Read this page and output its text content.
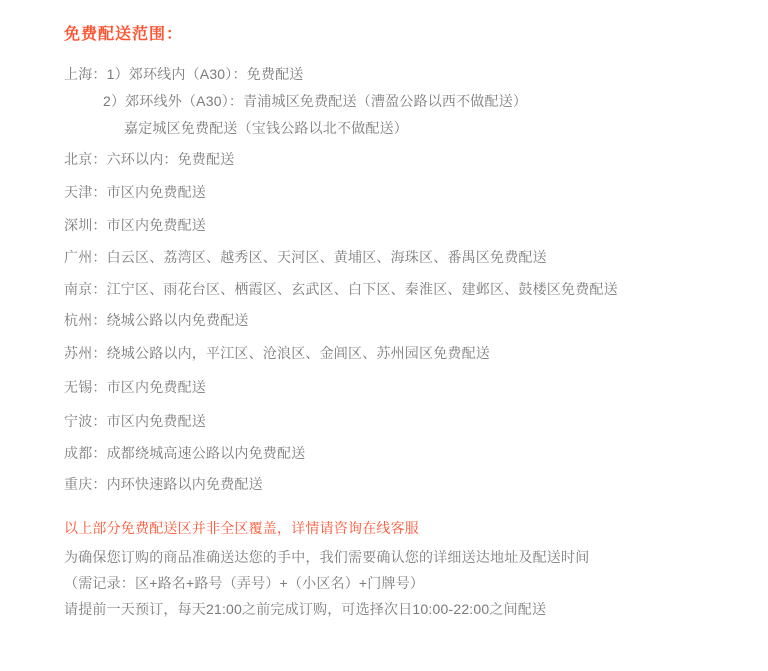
免费配送范围：
上海：1）郊环线内（A30）：免费配送
2）郊环线外（A30）：青浦城区免费配送（漕盈公路以西不做配送）
嘉定城区免费配送（宝钱公路以北不做配送）
北京：六环以内：免费配送
天津：市区内免费配送
深圳：市区内免费配送
广州：白云区、荔湾区、越秀区、天河区、黄埔区、海珠区、番禺区免费配送
南京：江宁区、雨花台区、栖霞区、玄武区、白下区、秦淮区、建邺区、鼓楼区免费配送
杭州：绕城公路以内免费配送
苏州：绕城公路以内，平江区、沧浪区、金阊区、苏州园区免费配送
无锡：市区内免费配送
宁波：市区内免费配送
成都：成都绕城高速公路以内免费配送
重庆：内环快速路以内免费配送
以上部分免费配送区并非全区覆盖，详情请咨询在线客服
为确保您订购的商品准确送达您的手中，我们需要确认您的详细送达地址及配送时间
（需记录：区+路名+路号（弄号）+（小区名）+门牌号）
请提前一天预订，每天21:00之前完成订购，可选择次日10:00-22:00之间配送
